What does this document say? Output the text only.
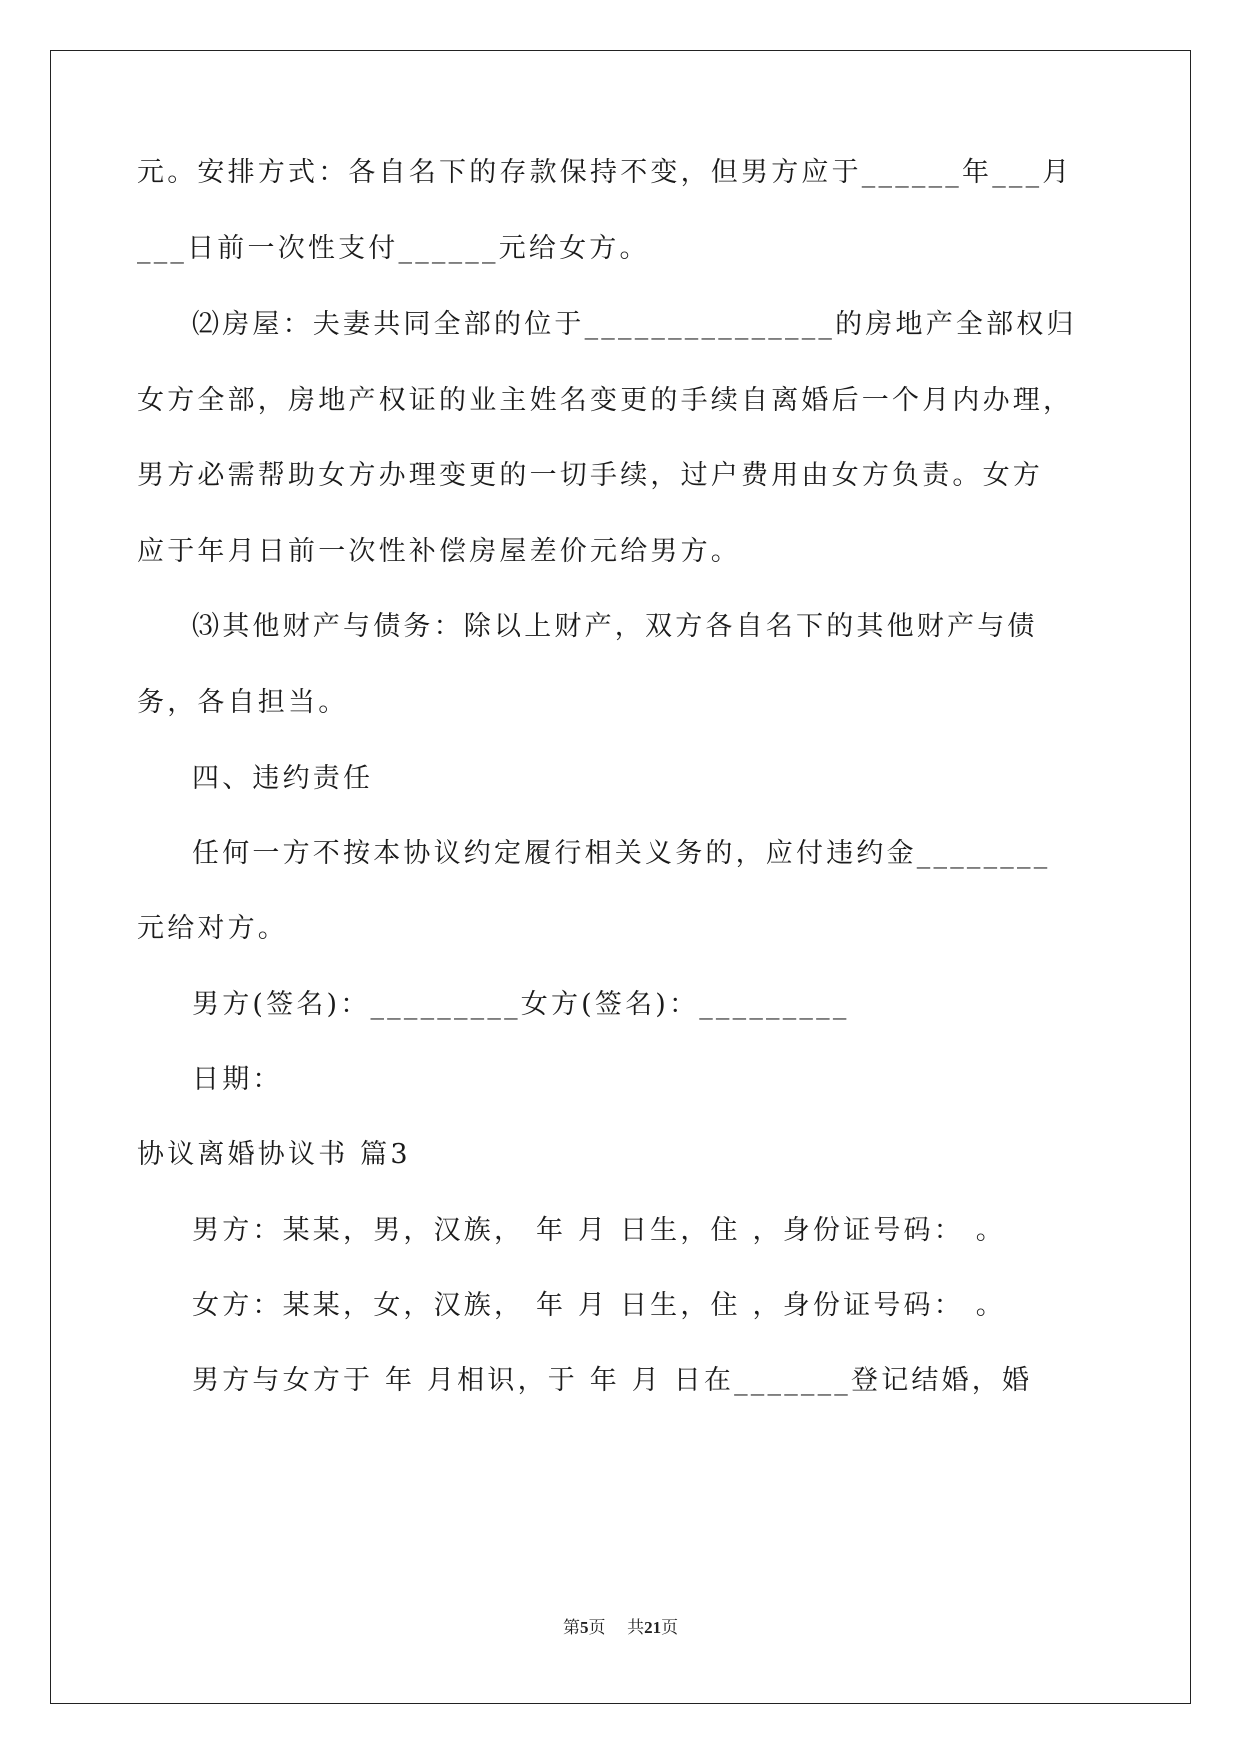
元。安排方式：各自名下的存款保持不变，但男方应于______年___月
___日前一次性支付______元给女方。
⑵房屋：夫妻共同全部的位于_______________的房地产全部权归
女方全部，房地产权证的业主姓名变更的手续自离婚后一个月内办理，
男方必需帮助女方办理变更的一切手续，过户费用由女方负责。女方
应于年月日前一次性补偿房屋差价元给男方。
⑶其他财产与债务：除以上财产，双方各自名下的其他财产与债
务，各自担当。
四、违约责任
任何一方不按本协议约定履行相关义务的，应付违约金________
元给对方。
男方(签名)：_________女方(签名)：_________
日期：
协议离婚协议书 篇3
男方：某某，男，汉族， 年 月 日生，住 ，身份证号码： 。
女方：某某，女，汉族， 年 月 日生，住 ，身份证号码： 。
男方与女方于 年 月相识，于 年 月 日在_______登记结婚，婚
第5页 共21页
